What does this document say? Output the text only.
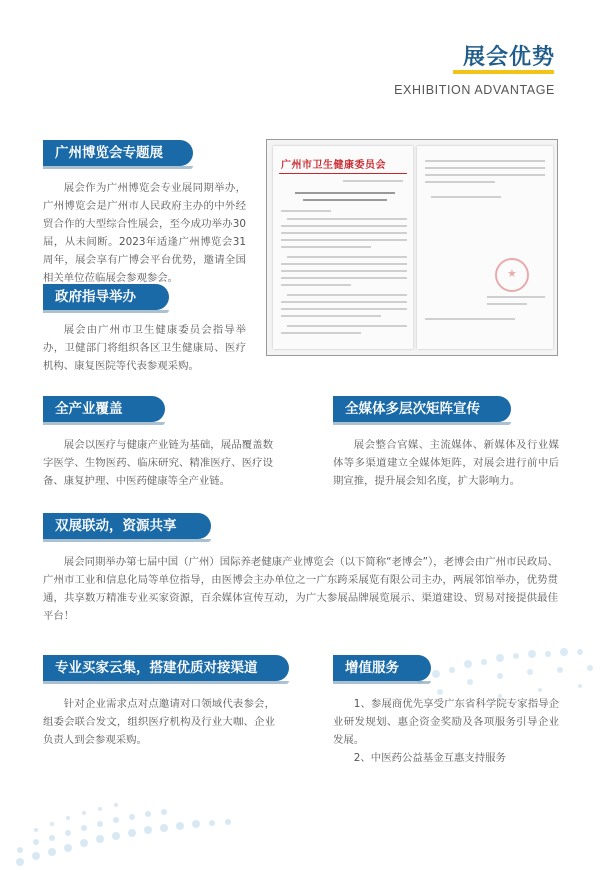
展会优势
EXHIBITION ADVANTAGE
广州博览会专题展

展会作为广州博览会专业展同期举办，广州博览会是广州市人民政府主办的中外经贸合作的大型综合性展会，至今成功举办30届，从未间断。2023年适逢广州博览会31周年，展会享有广博会平台优势，邀请全国相关单位莅临展会参观参会。

广州市卫生健康委员会
★
政府指导举办

展会由广州市卫生健康委员会指导举办，卫健部门将组织各区卫生健康局、医疗机构、康复医院等代表参观采购。

全产业覆盖

展会以医疗与健康产业链为基础，展品覆盖数字医学、生物医药、临床研究、精准医疗、医疗设备、康复护理、中医药健康等全产业链。

全媒体多层次矩阵宣传

展会整合官媒、主流媒体、新媒体及行业媒体等多渠道建立全媒体矩阵，对展会进行前中后期宣推，提升展会知名度，扩大影响力。

双展联动，资源共享

展会同期举办第七届中国（广州）国际养老健康产业博览会（以下简称“老博会”），老博会由广州市民政局、广州市工业和信息化局等单位指导，由医博会主办单位之一广东跨采展览有限公司主办，两展邻馆举办，优势贯通，共享数万精准专业买家资源，百余媒体宣传互动，为广大参展品牌展览展示、渠道建设、贸易对接提供最佳平台！

专业买家云集，搭建优质对接渠道

针对企业需求点对点邀请对口领域代表参会，组委会联合发文，组织医疗机构及行业大咖、企业负责人到会参观采购。

增值服务

1、参展商优先享受广东省科学院专家指导企业研发规划、惠企资金奖励及各项服务引导企业发展。

2、中医药公益基金互惠支持服务
